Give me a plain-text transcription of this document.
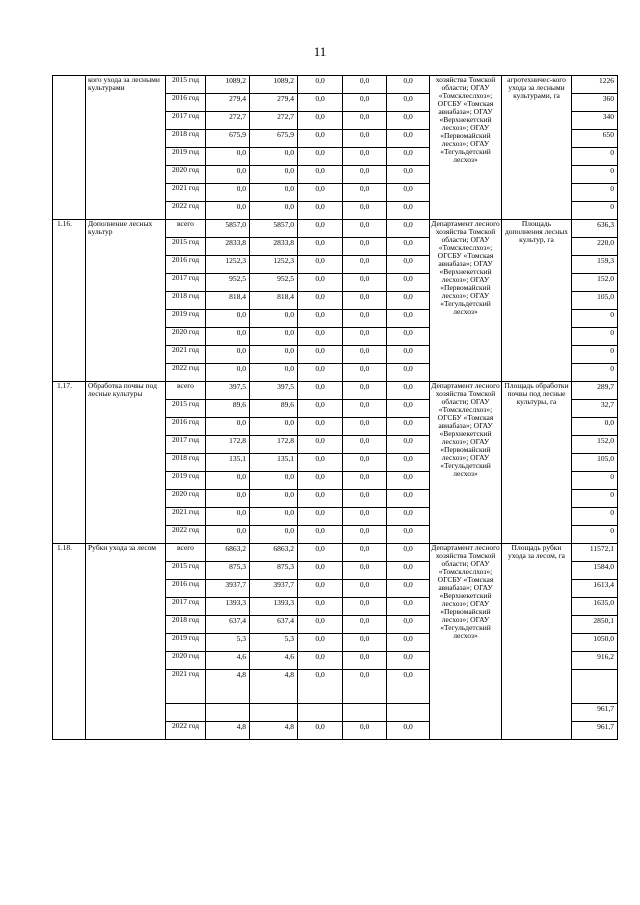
11
	кого ухода за лесными культурами	2015 год	1089,2	1089,2	0,0	0,0	0,0	хозяйства Томской области; ОГАУ «Томсклеслхоз»; ОГСБУ «Томская авиабаза»; ОГАУ «Верхнекетский лесхоз»; ОГАУ «Первомайский лесхоз»; ОГАУ «Тегульдетский лесхоз»	агротехничес-кого ухода за лесными культурами, га	1226
		2016 год	279,4	279,4	0,0	0,0	0,0			360
		2017 год	272,7	272,7	0,0	0,0	0,0			340
		2018 год	675,9	675,9	0,0	0,0	0,0			650
		2019 год	0,0	0,0	0,0	0,0	0,0			0
		2020 год	0,0	0,0	0,0	0,0	0,0			0
		2021 год	0,0	0,0	0,0	0,0	0,0			0
		2022 год	0,0	0,0	0,0	0,0	0,0			0
1.16.	Дополнение лесных культур	всего	5857,0	5857,0	0,0	0,0	0,0	Департамент лесного хозяйства Томской области; ОГАУ «Томсклеслхоз»; ОГСБУ «Томская авиабаза»; ОГАУ «Верхнекетский лесхоз»; ОГАУ «Первомайский лесхоз»; ОГАУ «Тегульдетский лесхоз»	Площадь дополнения лесных культур, га	636,3
		2015 год	2833,8	2833,8	0,0	0,0	0,0			220,0
		2016 год	1252,3	1252,3	0,0	0,0	0,0			159,3
		2017 год	952,5	952,5	0,0	0,0	0,0			152,0
		2018 год	818,4	818,4	0,0	0,0	0,0			105,0
		2019 год	0,0	0,0	0,0	0,0	0,0			0
		2020 год	0,0	0,0	0,0	0,0	0,0			0
		2021 год	0,0	0,0	0,0	0,0	0,0			0
		2022 год	0,0	0,0	0,0	0,0	0,0			0
1.17.	Обработка почвы под лесные культуры	всего	397,5	397,5	0,0	0,0	0,0	Департамент лесного хозяйства Томской области; ОГАУ «Томсклеслхоз»; ОГСБУ «Томская авиабаза»; ОГАУ «Верхнекетский лесхоз»; ОГАУ «Первомайский лесхоз»; ОГАУ «Тегульдетский лесхоз»	Площадь обработки почвы под лесные культуры, га	289,7
		2015 год	89,6	89,6	0,0	0,0	0,0			32,7
		2016 год	0,0	0,0	0,0	0,0	0,0			0,0
		2017 год	172,8	172,8	0,0	0,0	0,0			152,0
		2018 год	135,1	135,1	0,0	0,0	0,0			105,0
		2019 год	0,0	0,0	0,0	0,0	0,0			0
		2020 год	0,0	0,0	0,0	0,0	0,0			0
		2021 год	0,0	0,0	0,0	0,0	0,0			0
		2022 год	0,0	0,0	0,0	0,0	0,0			0
1.18.	Рубки ухода за лесом	всего	6863,2	6863,2	0,0	0,0	0,0	Департамент лесного хозяйства Томской области; ОГАУ «Томсклеслхоз»; ОГСБУ «Томская авиабаза»; ОГАУ «Верхнекетский лесхоз»; ОГАУ «Первомайский лесхоз»; ОГАУ «Тегульдетский лесхоз»	Площадь рубки ухода за лесом, га	11572,1
		2015 год	875,3	875,3	0,0	0,0	0,0			1584,0
		2016 год	3937,7	3937,7	0,0	0,0	0,0			1613,4
		2017 год	1393,3	1393,3	0,0	0,0	0,0			1635,0
		2018 год	637,4	637,4	0,0	0,0	0,0			2850,1
		2019 год	5,3	5,3	0,0	0,0	0,0			1050,0
		2020 год	4,6	4,6	0,0	0,0	0,0			916,2
		2021 год	4,8	4,8	0,0	0,0	0,0			
										961,7
		2022 год	4,8	4,8	0,0	0,0	0,0			961,7
